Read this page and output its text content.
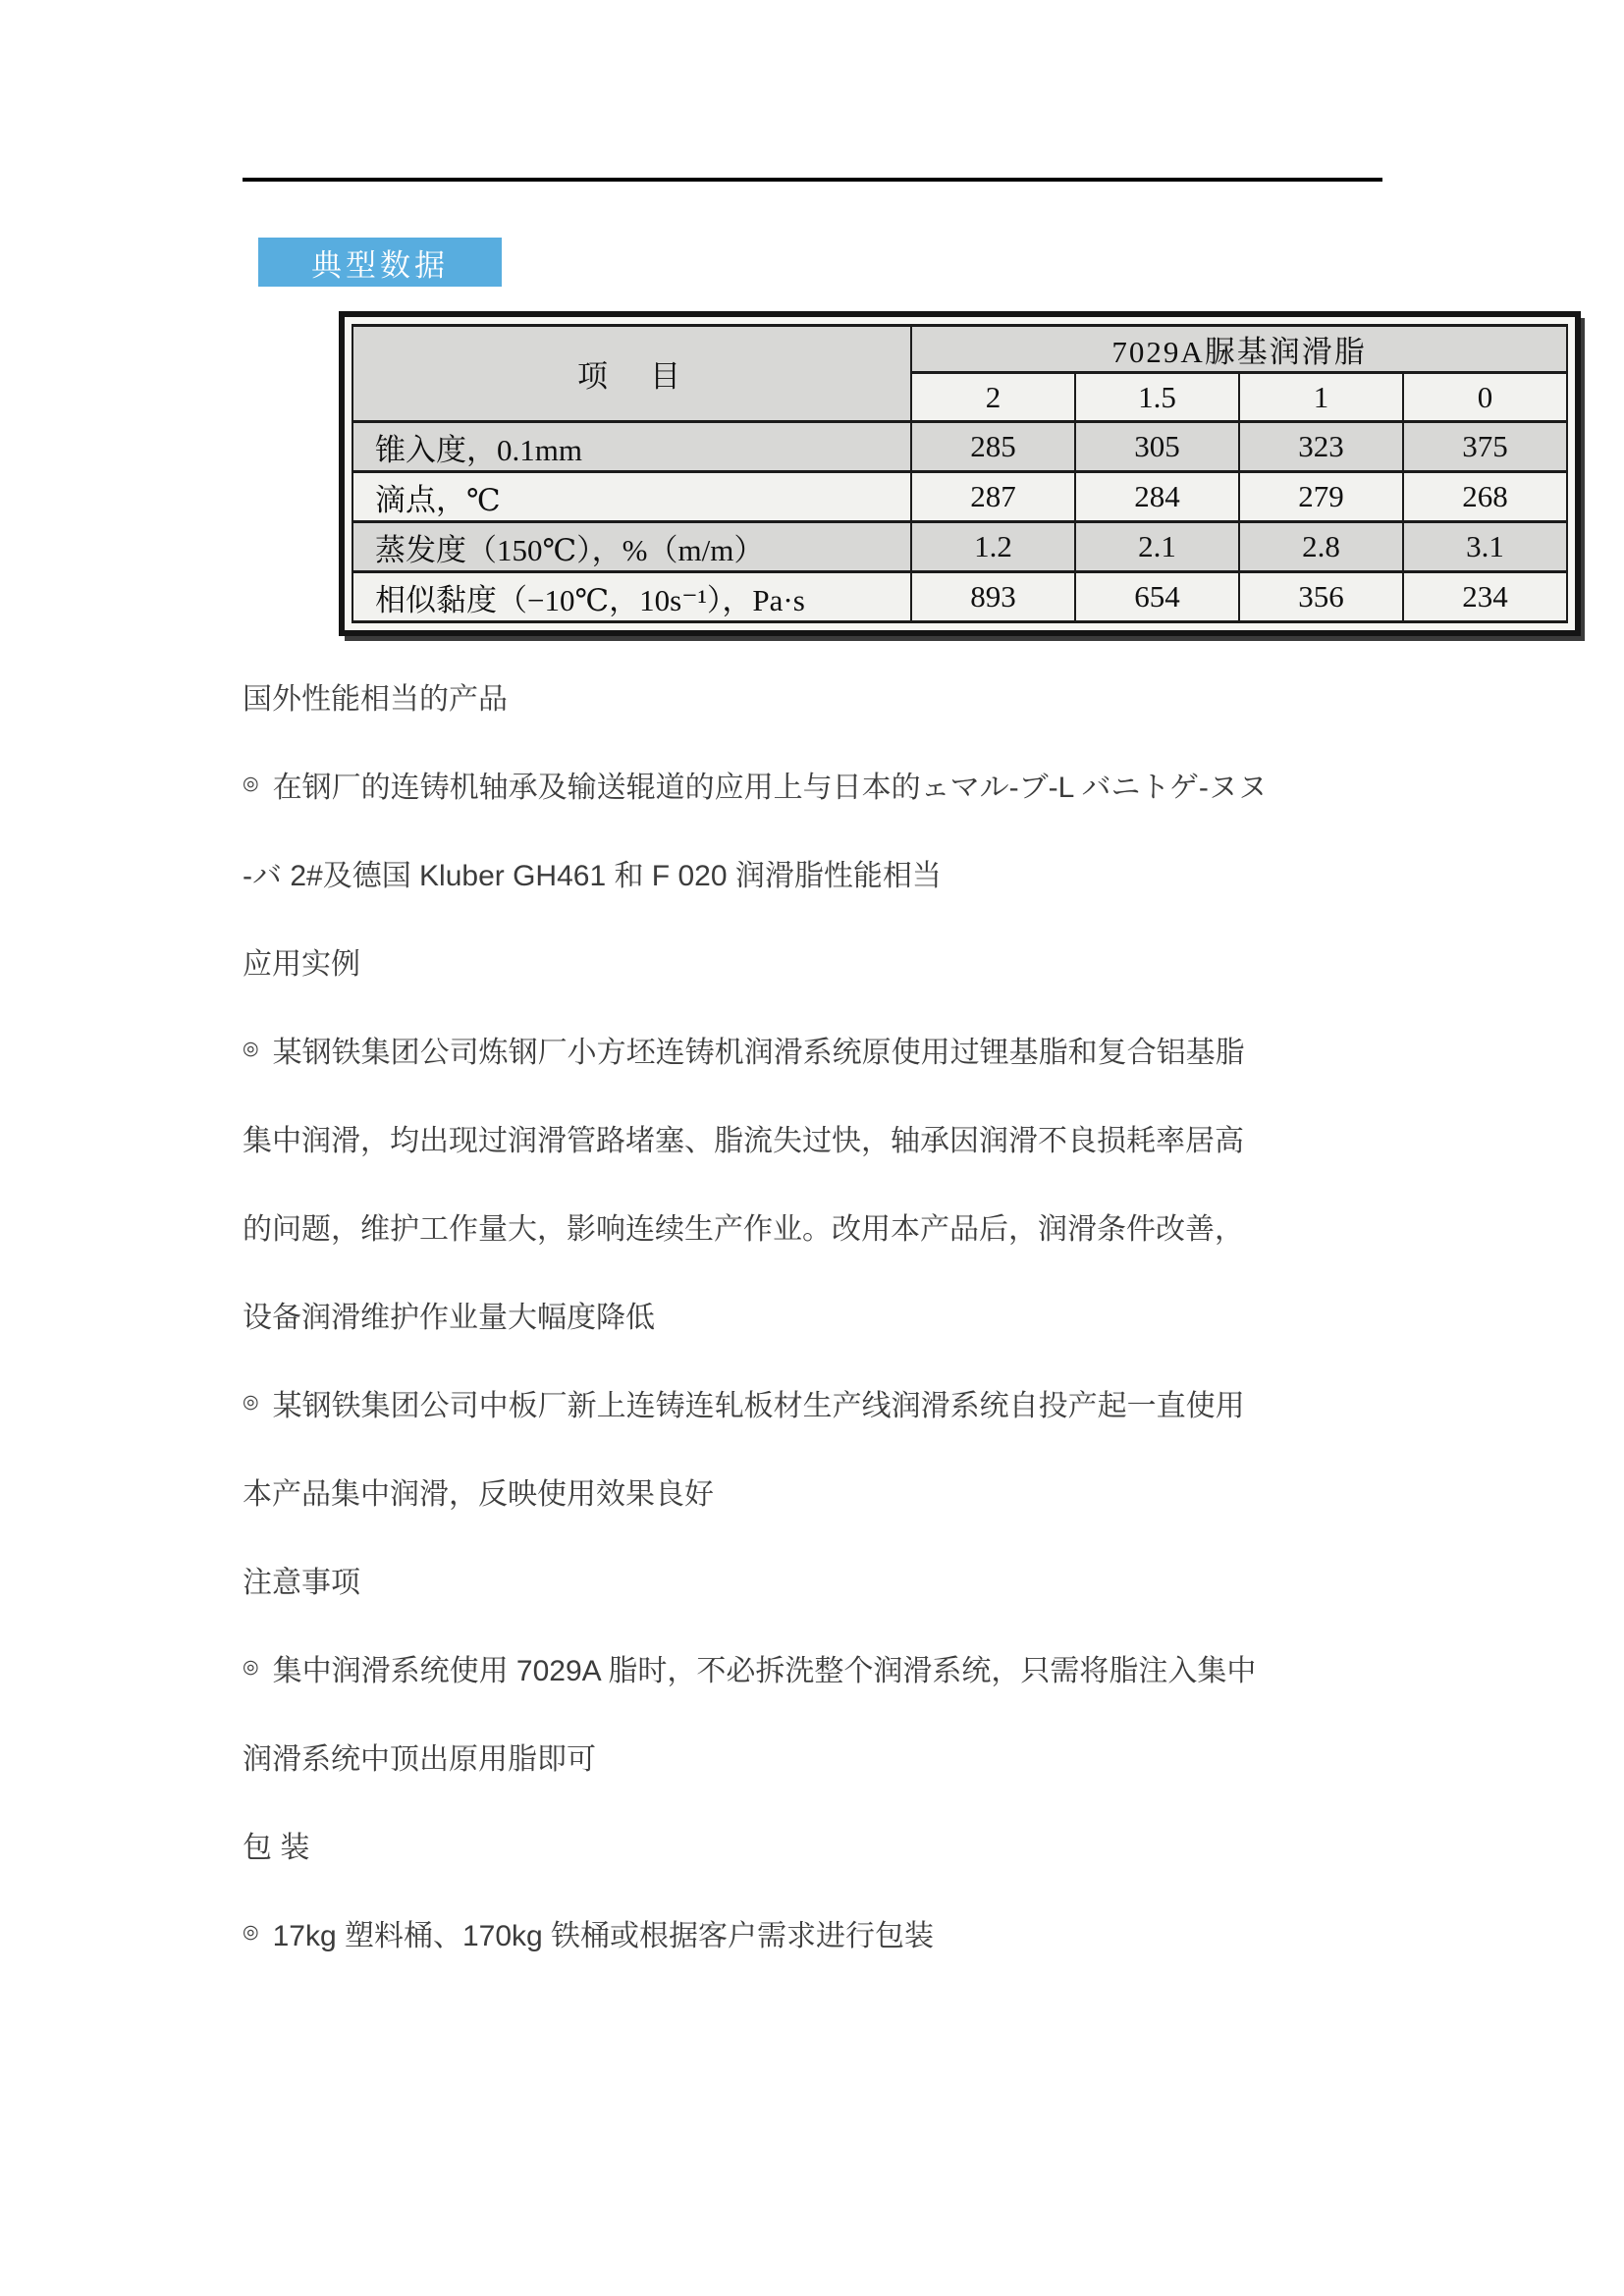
典型数据
项　目	7029A脲基润滑脂			
	2	1.5	1	0
锥入度，0.1mm	285	305	323	375
滴点，℃	287	284	279	268
蒸发度（150℃），%（m/m）	1.2	2.1	2.8	3.1
相似黏度（−10℃，10s⁻¹），Pa·s	893	654	356	234

国外性能相当的产品

◎ 在钢厂的连铸机轴承及输送辊道的应用上与日本的ェマル-ブ-L バニトゲ-ヌヌ

-バ 2#及德国 Kluber GH461 和 F 020 润滑脂性能相当

应用实例

◎ 某钢铁集团公司炼钢厂小方坯连铸机润滑系统原使用过锂基脂和复合铝基脂

集中润滑，均出现过润滑管路堵塞、脂流失过快，轴承因润滑不良损耗率居高

的问题，维护工作量大，影响连续生产作业。改用本产品后，润滑条件改善，

设备润滑维护作业量大幅度降低

◎ 某钢铁集团公司中板厂新上连铸连轧板材生产线润滑系统自投产起一直使用

本产品集中润滑，反映使用效果良好

注意事项

◎ 集中润滑系统使用 7029A 脂时，不必拆洗整个润滑系统，只需将脂注入集中

润滑系统中顶出原用脂即可

包 装

◎ 17kg 塑料桶、170kg 铁桶或根据客户需求进行包装
